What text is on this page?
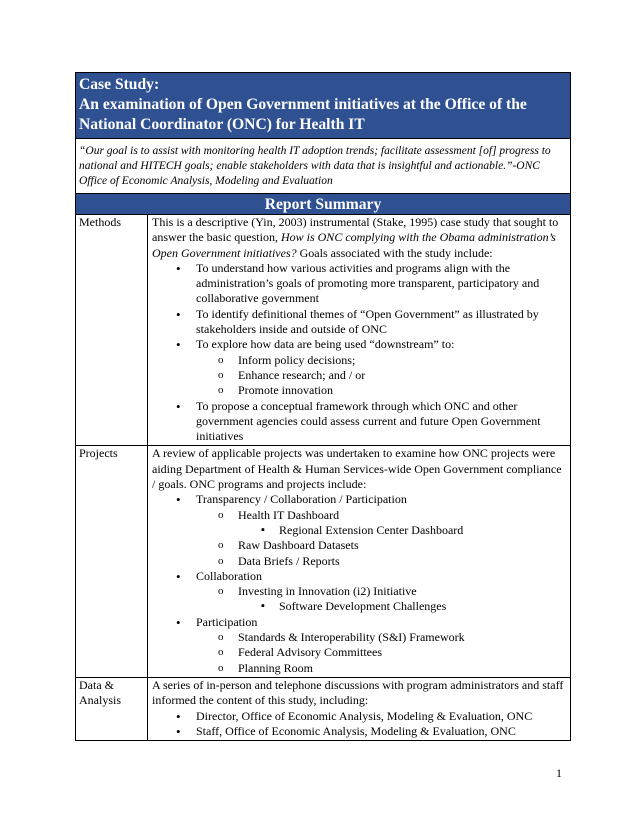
Case Study:
An examination of Open Government initiatives at the Office of the
National Coordinator (ONC) for Health IT
“Our goal is to assist with monitoring health IT adoption trends; facilitate assessment [of] progress to national and HITECH goals; enable stakeholders with data that is insightful and actionable.”-ONC Office of Economic Analysis, Modeling and Evaluation
Report Summary
Methods	This is a descriptive (Yin, 2003) instrumental (Stake, 1995) case study that sought to answer the basic question, How is ONC complying with the Obama administration’s Open Government initiatives? Goals associated with the study include:
• To understand how various activities and programs align with the administration’s goals of promoting more transparent, participatory and collaborative government
• To identify definitional themes of “Open Government” as illustrated by stakeholders inside and outside of ONC
• To explore how data are being used “downstream” to:
o Inform policy decisions;
o Enhance research; and / or
o Promote innovation
• To propose a conceptual framework through which ONC and other government agencies could assess current and future Open Government initiatives
Projects	A review of applicable projects was undertaken to examine how ONC projects were aiding Department of Health & Human Services-wide Open Government compliance / goals. ONC programs and projects include:
• Transparency / Collaboration / Participation
o Health IT Dashboard
▪ Regional Extension Center Dashboard
o Raw Dashboard Datasets
o Data Briefs / Reports
• Collaboration
o Investing in Innovation (i2) Initiative
▪ Software Development Challenges
• Participation
o Standards & Interoperability (S&I) Framework
o Federal Advisory Committees
o Planning Room
Data &
Analysis
A series of in-person and telephone discussions with program administrators and staff informed the content of this study, including:
• Director, Office of Economic Analysis, Modeling & Evaluation, ONC
• Staff, Office of Economic Analysis, Modeling & Evaluation, ONC
1
